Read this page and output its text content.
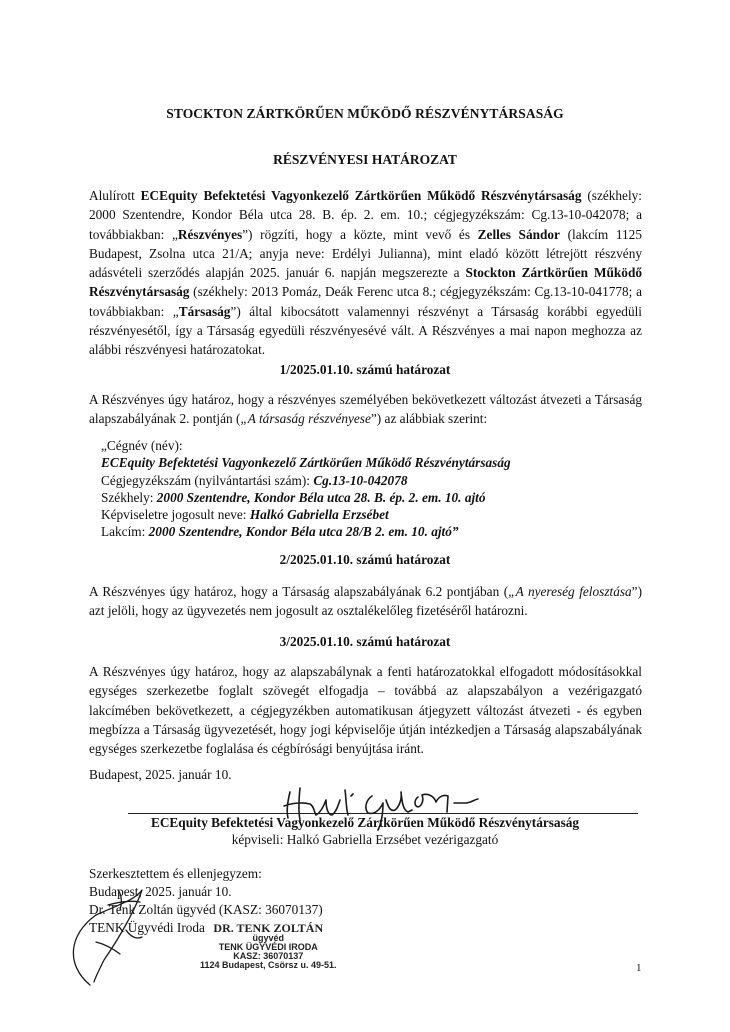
STOCKTON ZÁRTKÖRŰEN MŰKÖDŐ RÉSZVÉNYTÁRSASÁG
RÉSZVÉNYESI HATÁROZAT
Alulírott ECEquity Befektetési Vagyonkezelő Zártkörűen Működő Részvénytársaság (székhely: 2000 Szentendre, Kondor Béla utca 28. B. ép. 2. em. 10.; cégjegyzékszám: Cg.13-10-042078; a továbbiakban: „Részvényes”) rögzíti, hogy a közte, mint vevő és Zelles Sándor (lakcím 1125 Budapest, Zsolna utca 21/A; anyja neve: Erdélyi Julianna), mint eladó között létrejött részvény adásvételi szerződés alapján 2025. január 6. napján megszerezte a Stockton Zártkörűen Működő Részvénytársaság (székhely: 2013 Pomáz, Deák Ferenc utca 8.; cégjegyzékszám: Cg.13-10-041778; a továbbiakban: „Társaság”) által kibocsátott valamennyi részvényt a Társaság korábbi egyedüli részvényesétől, így a Társaság egyedüli részvényesévé vált. A Részvényes a mai napon meghozza az alábbi részvényesi határozatokat.
1/2025.01.10. számú határozat
A Részvényes úgy határoz, hogy a részvényes személyében bekövetkezett változást átvezeti a Társaság alapszabályának 2. pontján („A társaság részvényese”) az alábbiak szerint:
„Cégnév (név):
ECEquity Befektetési Vagyonkezelő Zártkörűen Működő Részvénytársaság
Cégjegyzékszám (nyilvántartási szám): Cg.13-10-042078
Székhely: 2000 Szentendre, Kondor Béla utca 28. B. ép. 2. em. 10. ajtó
Képviseletre jogosult neve: Halkó Gabriella Erzsébet
Lakcím: 2000 Szentendre, Kondor Béla utca 28/B 2. em. 10. ajtó”
2/2025.01.10. számú határozat
A Részvényes úgy határoz, hogy a Társaság alapszabályának 6.2 pontjában („A nyereség felosztása”) azt jelöli, hogy az ügyvezetés nem jogosult az osztalékelőleg fizetéséről határozni.
3/2025.01.10. számú határozat
A Részvényes úgy határoz, hogy az alapszabálynak a fenti határozatokkal elfogadott módosításokkal egységes szerkezetbe foglalt szövegét elfogadja – továbbá az alapszabályon a vezérigazgató lakcímében bekövetkezett, a cégjegyzékben automatikusan átjegyzett változást átvezeti - és egyben megbízza a Társaság ügyvezetését, hogy jogi képviselője útján intézkedjen a Társaság alapszabályának egységes szerkezetbe foglalása és cégbírósági benyújtása iránt.
Budapest, 2025. január 10.
ECEquity Befektetési Vagyonkezelő Zártkörűen Működő Részvénytársaság
képviseli: Halkó Gabriella Erzsébet vezérigazgató
Szerkesztettem és ellenjegyzem:
Budapest, 2025. január 10.
Dr. Tenk Zoltán ügyvéd (KASZ: 36070137)
TENK Ügyvédi Iroda DR. TENK ZOLTÁN
ügyvéd
TENK ÜGYVÉDI IRODA
KASZ: 36070137
1124 Budapest, Csörsz u. 49-51.	1
